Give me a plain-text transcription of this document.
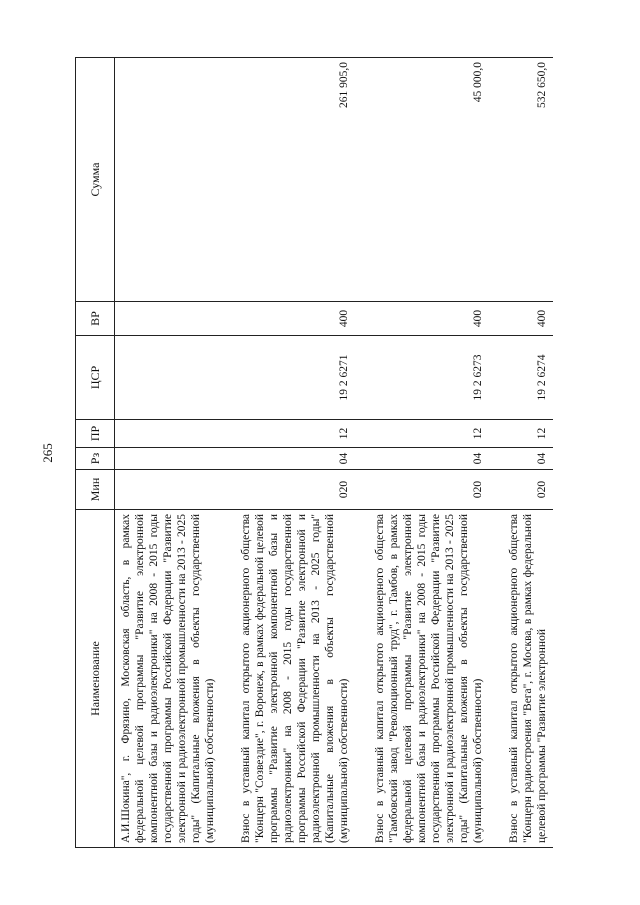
265
Наименование	Мин	Рз	ПР	ЦСР	ВР	Сумма
А.И.Шокина", г. Фрязино, Московская область, в рамках федеральной целевой программы "Развитие электронной компонентной базы и радиоэлектроники" на 2008 - 2015 годы государственной программы Российской Федерации "Развитие электронной и радиоэлектронной промышленности на 2013 - 2025 годы" (Капитальные вложения в объекты государственной (муниципальной) собственности)						

Взнос в уставный капитал открытого акционерного общества "Концерн "Созвездие", г. Воронеж, в рамках федеральной целевой программы "Развитие электронной компонентной базы и радиоэлектроники" на 2008 - 2015 годы государственной программы Российской Федерации "Развитие электронной и радиоэлектронной промышленности на 2013 - 2025 годы" (Капитальные вложения в объекты государственной (муниципальной) собственности)	020	04	12	19 2 6271	400	261 905,0

Взнос в уставный капитал открытого акционерного общества "Тамбовский завод "Революционный труд", г. Тамбов, в рамках федеральной целевой программы "Развитие электронной компонентной базы и радиоэлектроники" на 2008 - 2015 годы государственной программы Российской Федерации "Развитие электронной и радиоэлектронной промышленности на 2013 - 2025 годы" (Капитальные вложения в объекты государственной (муниципальной) собственности)	020	04	12	19 2 6273	400	45 000,0

Взнос в уставный капитал открытого акционерного общества "Концерн радиостроения "Вега", г. Москва, в рамках федеральной целевой программы "Развитие электронной	020	04	12	19 2 6274	400	532 650,0
